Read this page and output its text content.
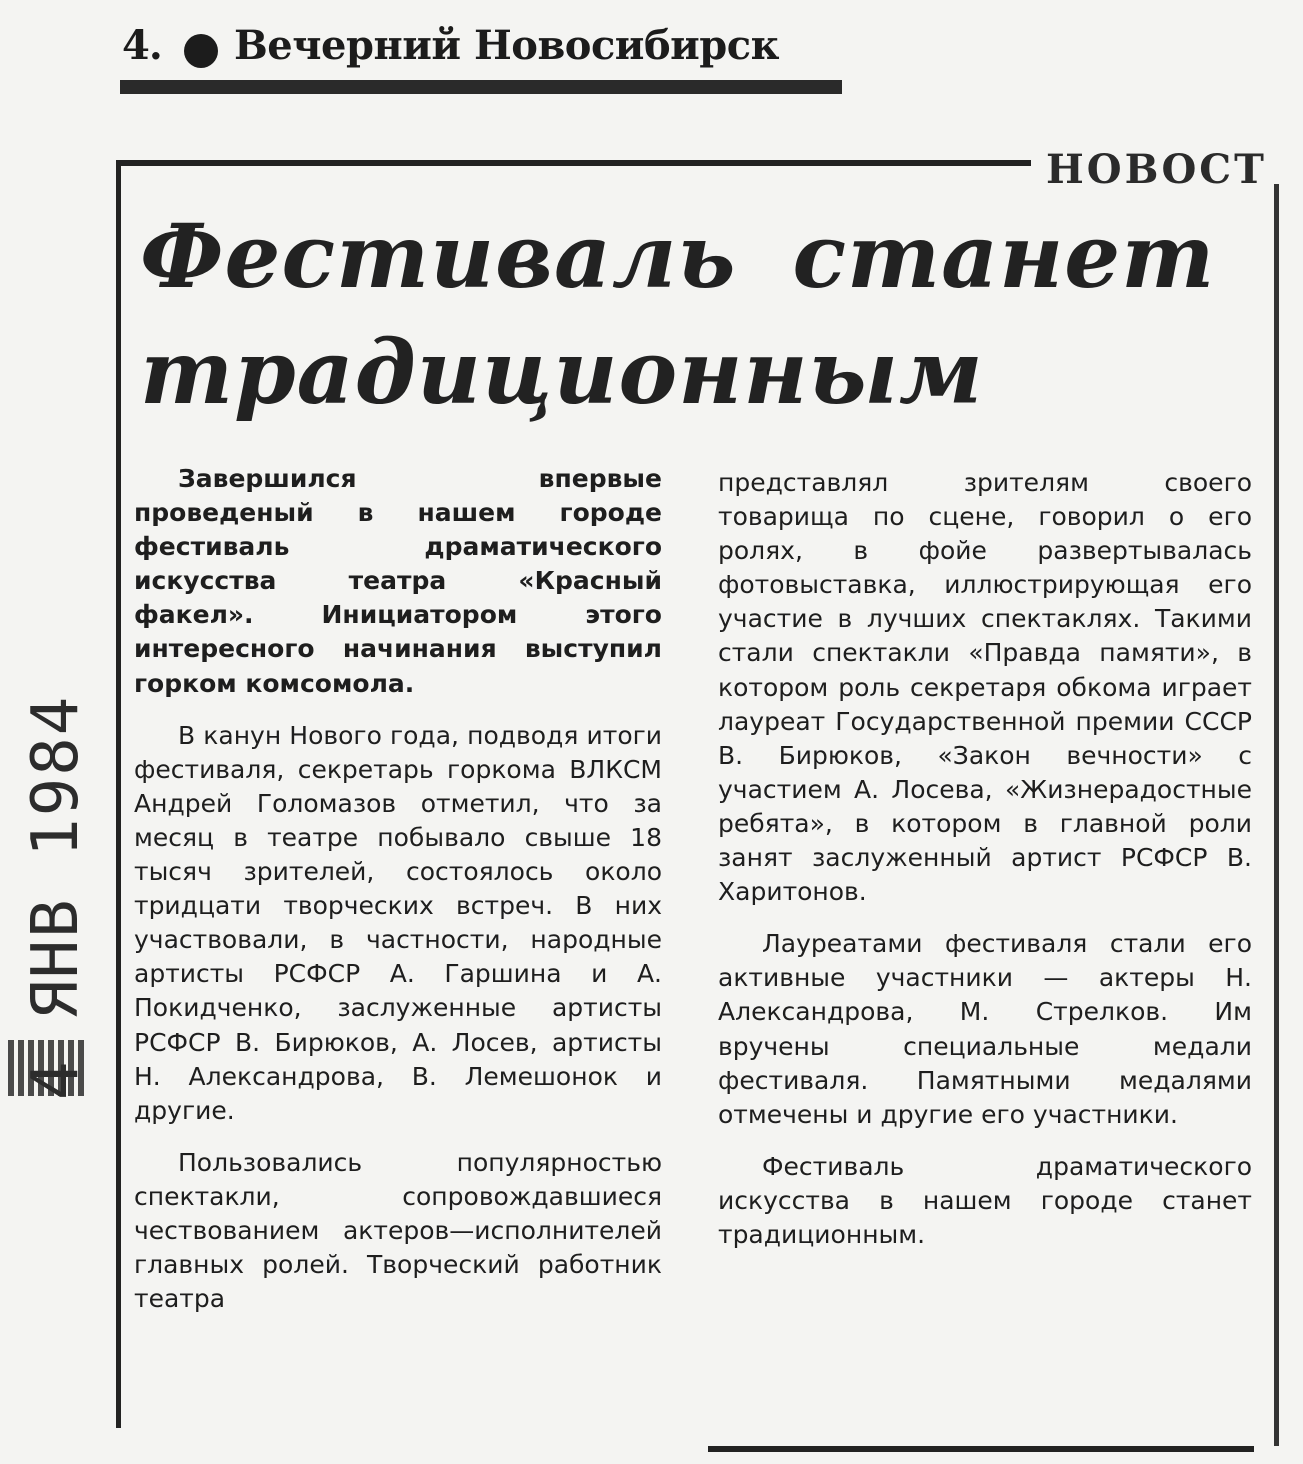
4. Вечерний Новосибирск
НОВОСТ
Фестиваль станет
традиционным

Завершился впервые проведеный в нашем городе фестиваль драматического искусства театра «Красный факел». Инициатором этого интересного начинания выступил горком комсомола.

В канун Нового года, подводя итоги фестиваля, секретарь горкома ВЛКСМ Андрей Голомазов отметил, что за месяц в театре побывало свыше 18 тысяч зрителей, состоялось около тридцати творческих встреч. В них участвовали, в частности, народные артисты РСФСР А. Гаршина и А. Покидченко, заслуженные артисты РСФСР В. Бирюков, А. Лосев, артисты Н. Александрова, В. Лемешонок и другие.

Пользовались популярностью спектакли, сопровождавшиеся чествованием актеров—исполнителей главных ролей. Творческий работник театра

представлял зрителям своего товарища по сцене, говорил о его ролях, в фойе развертывалась фотовыставка, иллюстрирующая его участие в лучших спектаклях. Такими стали спектакли «Правда памяти», в котором роль секретаря обкома играет лауреат Государственной премии СССР В. Бирюков, «Закон вечности» с участием А. Лосева, «Жизнерадостные ребята», в котором в главной роли занят заслуженный артист РСФСР В. Харитонов.

Лауреатами фестиваля стали его активные участники — актеры Н. Александрова, М. Стрелков. Им вручены специальные медали фестиваля. Памятными медалями отмечены и другие его участники.

Фестиваль драматического искусства в нашем городе станет традиционным.

4 ЯНВ 1984
